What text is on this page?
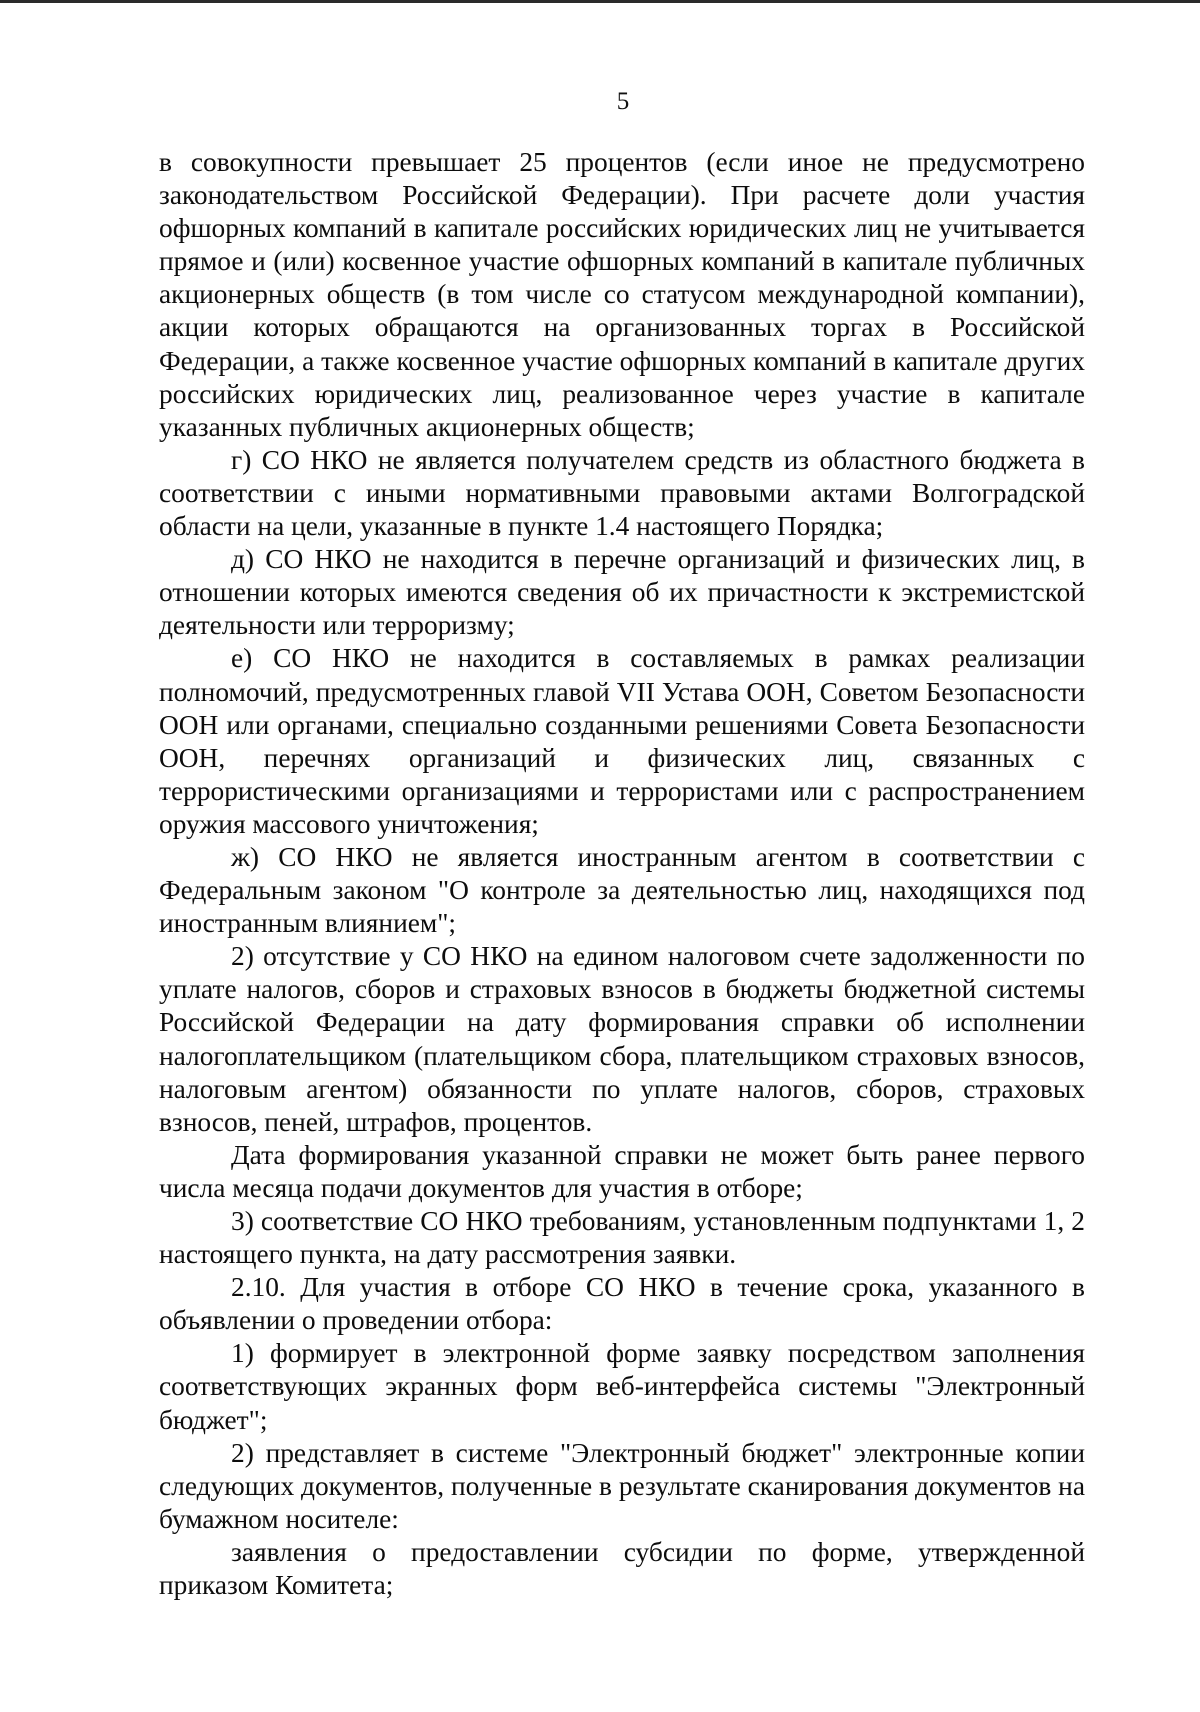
5

в совокупности превышает 25 процентов (если иное не предусмотрено законодательством Российской Федерации). При расчете доли участия офшорных компаний в капитале российских юридических лиц не учитывается прямое и (или) косвенное участие офшорных компаний в капитале публичных акционерных обществ (в том числе со статусом международной компании), акции которых обращаются на организованных торгах в Российской Федерации, а также косвенное участие офшорных компаний в капитале других российских юридических лиц, реализованное через участие в капитале указанных публичных акционерных обществ;

г) СО НКО не является получателем средств из областного бюджета в соответствии с иными нормативными правовыми актами Волгоградской области на цели, указанные в пункте 1.4 настоящего Порядка;

д) СО НКО не находится в перечне организаций и физических лиц, в отношении которых имеются сведения об их причастности к экстремистской деятельности или терроризму;

е) СО НКО не находится в составляемых в рамках реализации полномочий, предусмотренных главой VII Устава ООН, Советом Безопасности ООН или органами, специально созданными решениями Совета Безопасности ООН, перечнях организаций и физических лиц, связанных с террористическими организациями и террористами или с распространением оружия массового уничтожения;

ж) СО НКО не является иностранным агентом в соответствии с Федеральным законом "О контроле за деятельностью лиц, находящихся под иностранным влиянием";

2) отсутствие у СО НКО на едином налоговом счете задолженности по уплате налогов, сборов и страховых взносов в бюджеты бюджетной системы Российской Федерации на дату формирования справки об исполнении налогоплательщиком (плательщиком сбора, плательщиком страховых взносов, налоговым агентом) обязанности по уплате налогов, сборов, страховых взносов, пеней, штрафов, процентов.

Дата формирования указанной справки не может быть ранее первого числа месяца подачи документов для участия в отборе;

3) соответствие СО НКО требованиям, установленным подпунктами 1, 2 настоящего пункта, на дату рассмотрения заявки.

2.10. Для участия в отборе СО НКО в течение срока, указанного в объявлении о проведении отбора:

1) формирует в электронной форме заявку посредством заполнения соответствующих экранных форм веб-интерфейса системы "Электронный бюджет";

2) представляет в системе "Электронный бюджет" электронные копии следующих документов, полученные в результате сканирования документов на бумажном носителе:

заявления о предоставлении субсидии по форме, утвержденной приказом Комитета;
